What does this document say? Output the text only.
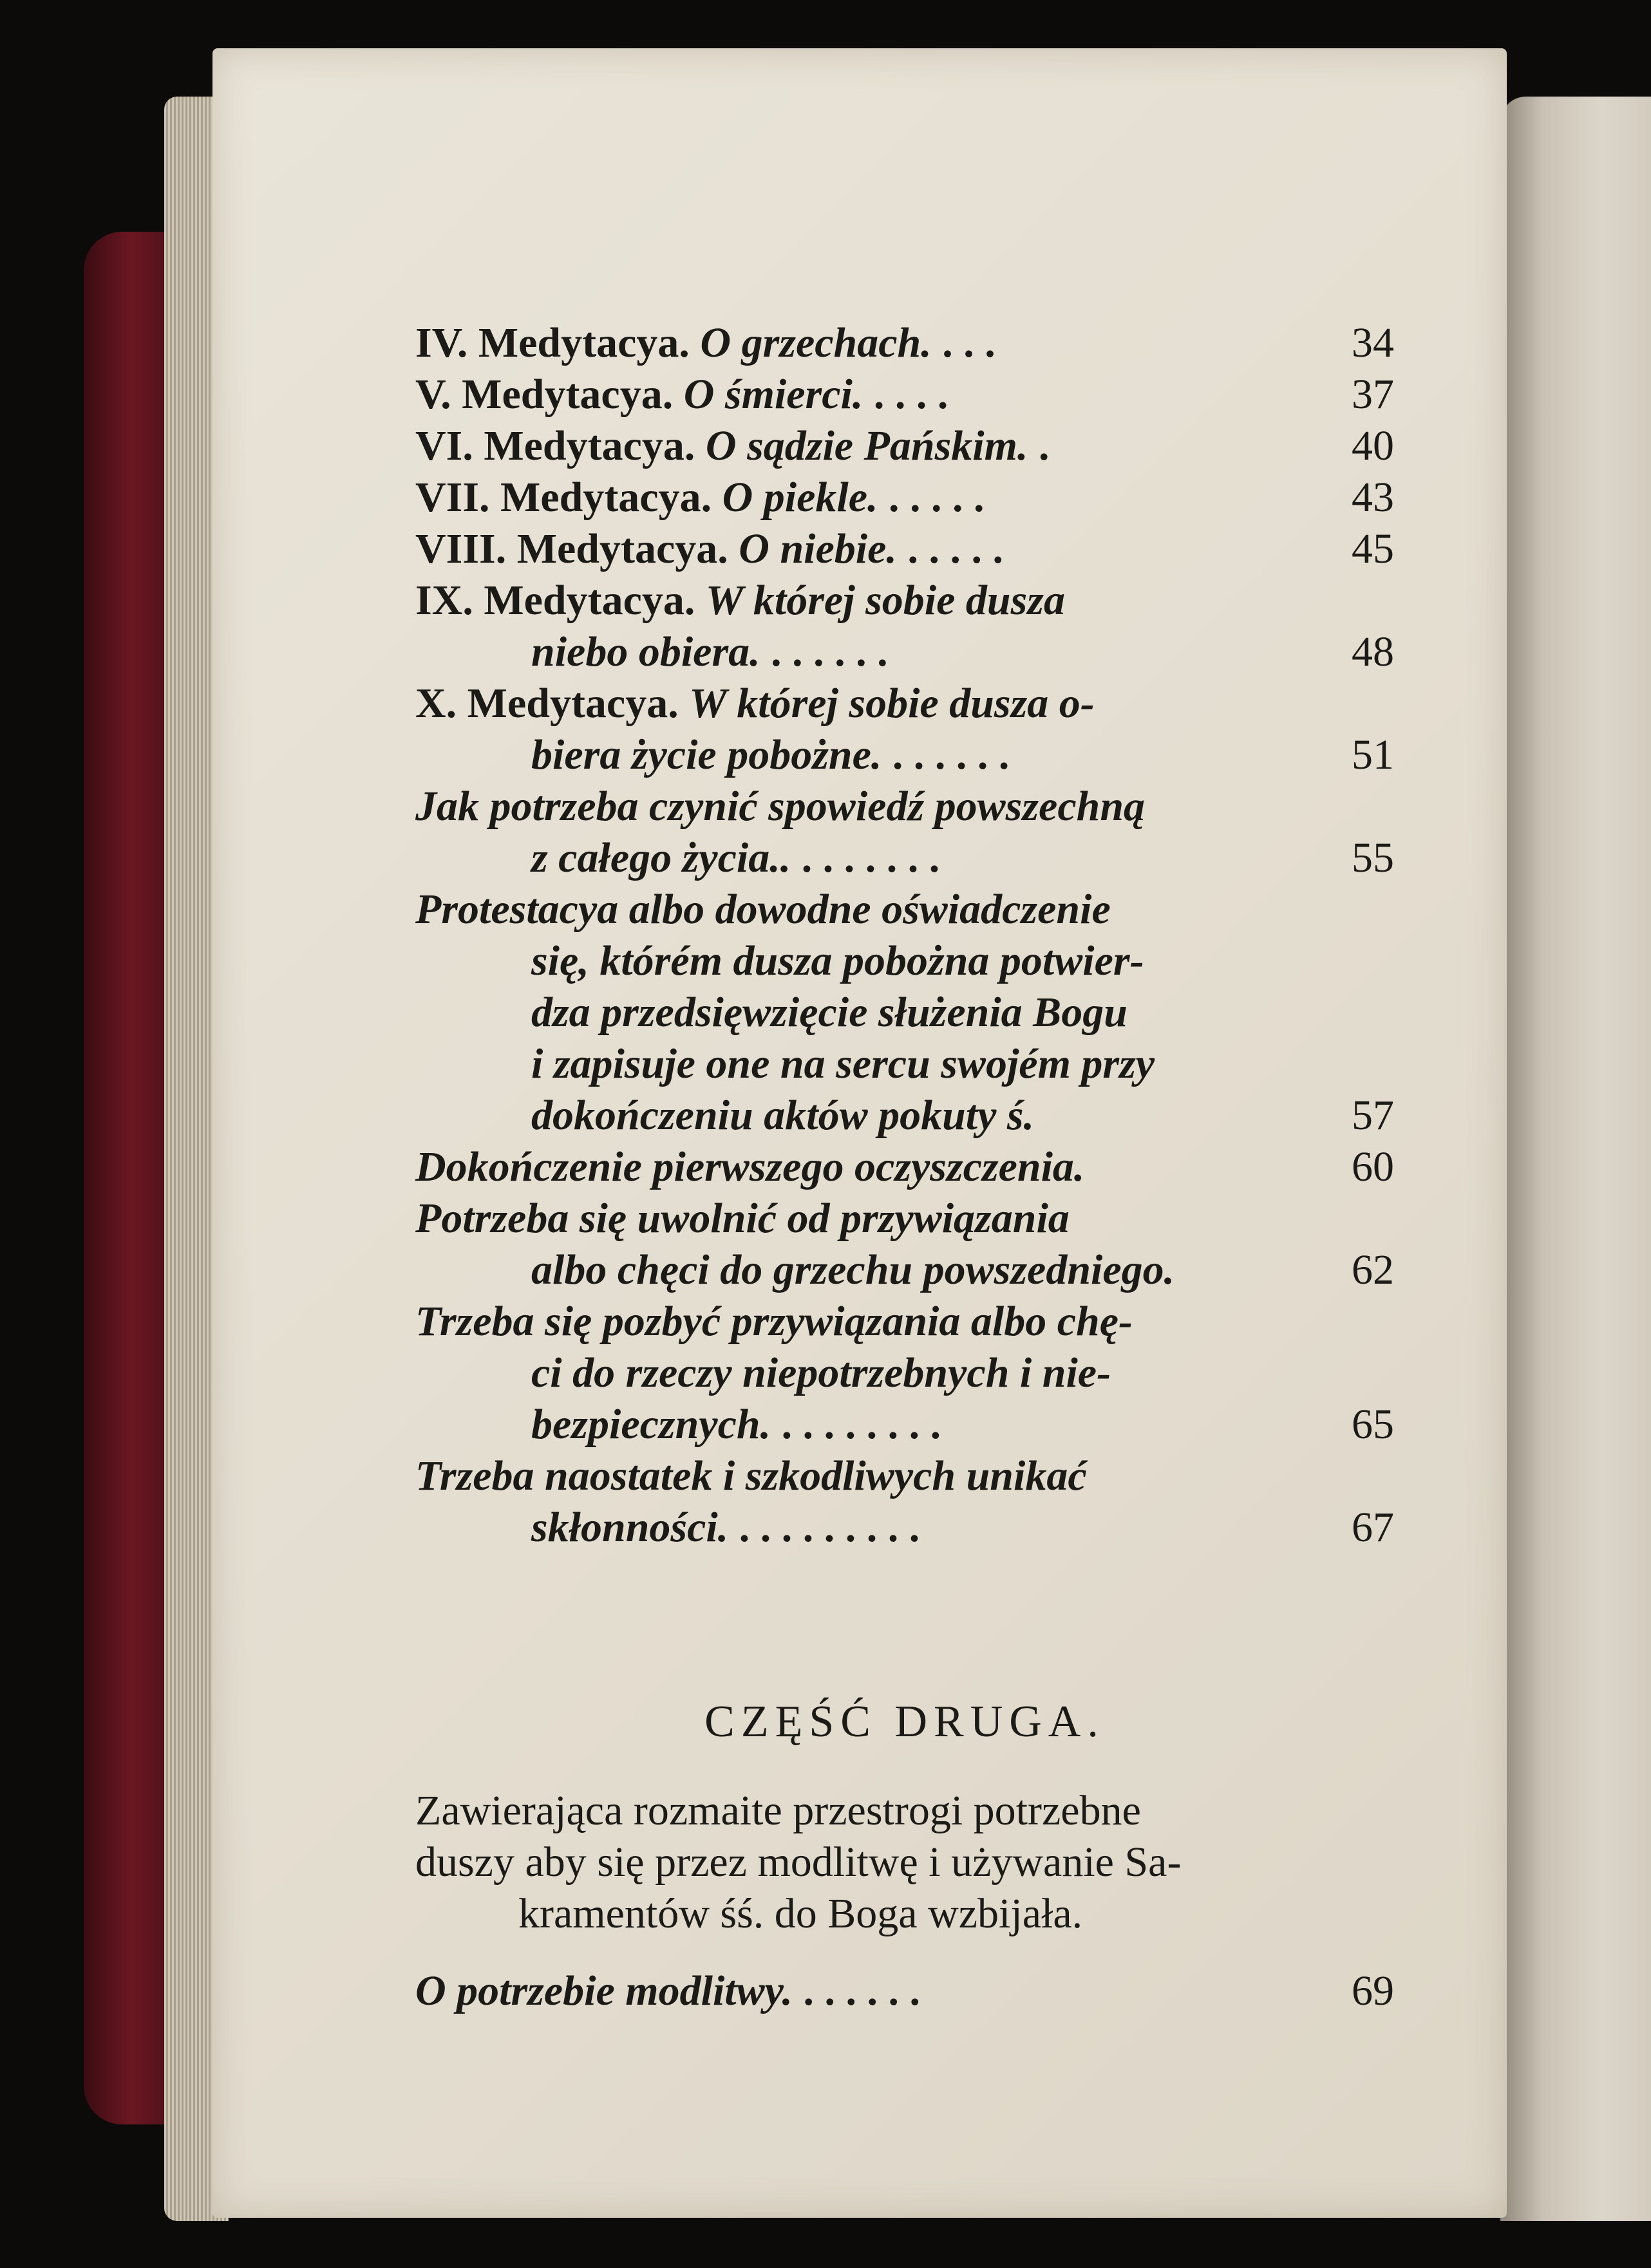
IV. Medytacya. O grzechach. . . .	34
V. Medytacya. O śmierci. . . . .	37
VI. Medytacya. O sądzie Pańskim. .	40
VII. Medytacya. O piekle. . . . . .	43
VIII. Medytacya. O niebie. . . . . .	45
IX. Medytacya. W której sobie dusza
niebo obiera. . . . . . .	48
X. Medytacya. W której sobie dusza o-
biera życie pobożne. . . . . . .	51
Jak potrzeba czynić spowiedź powszechną
z całego życia.. . . . . . . .	55
Protestacya albo dowodne oświadczenie
się, którém dusza pobożna potwier-
dza przedsięwzięcie służenia Bogu
i zapisuje one na sercu swojém przy
dokończeniu aktów pokuty ś.	57
Dokończenie pierwszego oczyszczenia.	60
Potrzeba się uwolnić od przywiązania
albo chęci do grzechu powszedniego.	62
Trzeba się pozbyć przywiązania albo chę-
ci do rzeczy niepotrzebnych i nie-
bezpiecznych. . . . . . . . .	65
Trzeba naostatek i szkodliwych unikać
skłonności. . . . . . . . . .	67
CZĘŚĆ DRUGA.
Zawierająca rozmaite przestrogi potrzebne
duszy aby się przez modlitwę i używanie Sa-
kramentów śś. do Boga wzbijała.
O potrzebie modlitwy. . . . . . .	69
